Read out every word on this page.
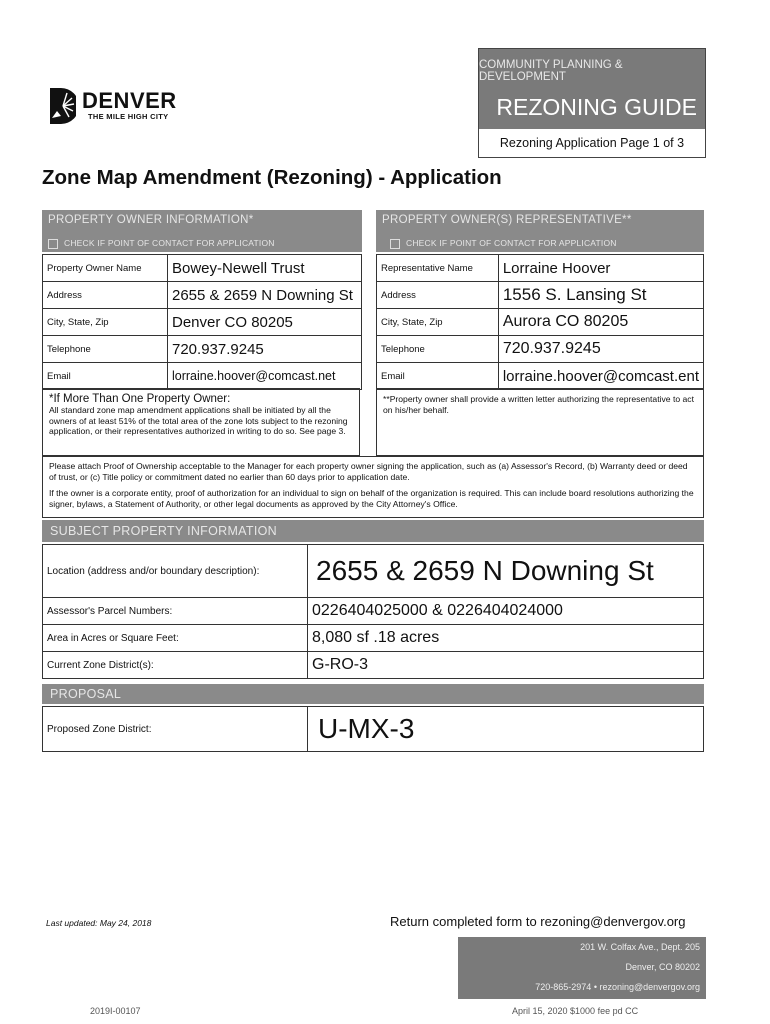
DENVER
THE MILE HIGH CITY
COMMUNITY PLANNING & DEVELOPMENT
REZONING GUIDE
Rezoning Application Page 1 of 3
Zone Map Amendment (Rezoning) - Application
PROPERTY OWNER INFORMATION*
CHECK IF POINT OF CONTACT FOR APPLICATION
Property Owner Name	Bowey-Newell Trust
Address	2655 & 2659 N Downing St
City, State, Zip	Denver CO 80205
Telephone	720.937.9245
Email	lorraine.hoover@comcast.net
*If More Than One Property Owner:
All standard zone map amendment applications shall be initiated by all the owners of at least 51% of the total area of the zone lots subject to the rezoning application, or their representatives authorized in writing to do so. See page 3.
PROPERTY OWNER(S) REPRESENTATIVE**
CHECK IF POINT OF CONTACT FOR APPLICATION
Representative Name	Lorraine Hoover
Address	1556 S. Lansing St
City, State, Zip	Aurora CO 80205
Telephone	720.937.9245
Email	lorraine.hoover@comcast.ent
**Property owner shall provide a written letter authorizing the representative to act on his/her behalf.
Please attach Proof of Ownership acceptable to the Manager for each property owner signing the application, such as (a) Assessor's Record, (b) Warranty deed or deed of trust, or (c) Title policy or commitment dated no earlier than 60 days prior to application date.
If the owner is a corporate entity, proof of authorization for an individual to sign on behalf of the organization is required. This can include board resolutions authorizing the signer, bylaws, a Statement of Authority, or other legal documents as approved by the City Attorney's Office.
SUBJECT PROPERTY INFORMATION
Location (address and/or boundary description):	2655 & 2659 N Downing St
Assessor's Parcel Numbers:	0226404025000 & 0226404024000
Area in Acres or Square Feet:	8,080 sf .18 acres
Current Zone District(s):	G-RO-3
PROPOSAL
Proposed Zone District:	U-MX-3
Last updated: May 24, 2018	Return completed form to rezoning@denvergov.org
201 W. Colfax Ave., Dept. 205
Denver, CO 80202
720-865-2974 • rezoning@denvergov.org
2019I-00107	April 15, 2020 $1000 fee pd CC
